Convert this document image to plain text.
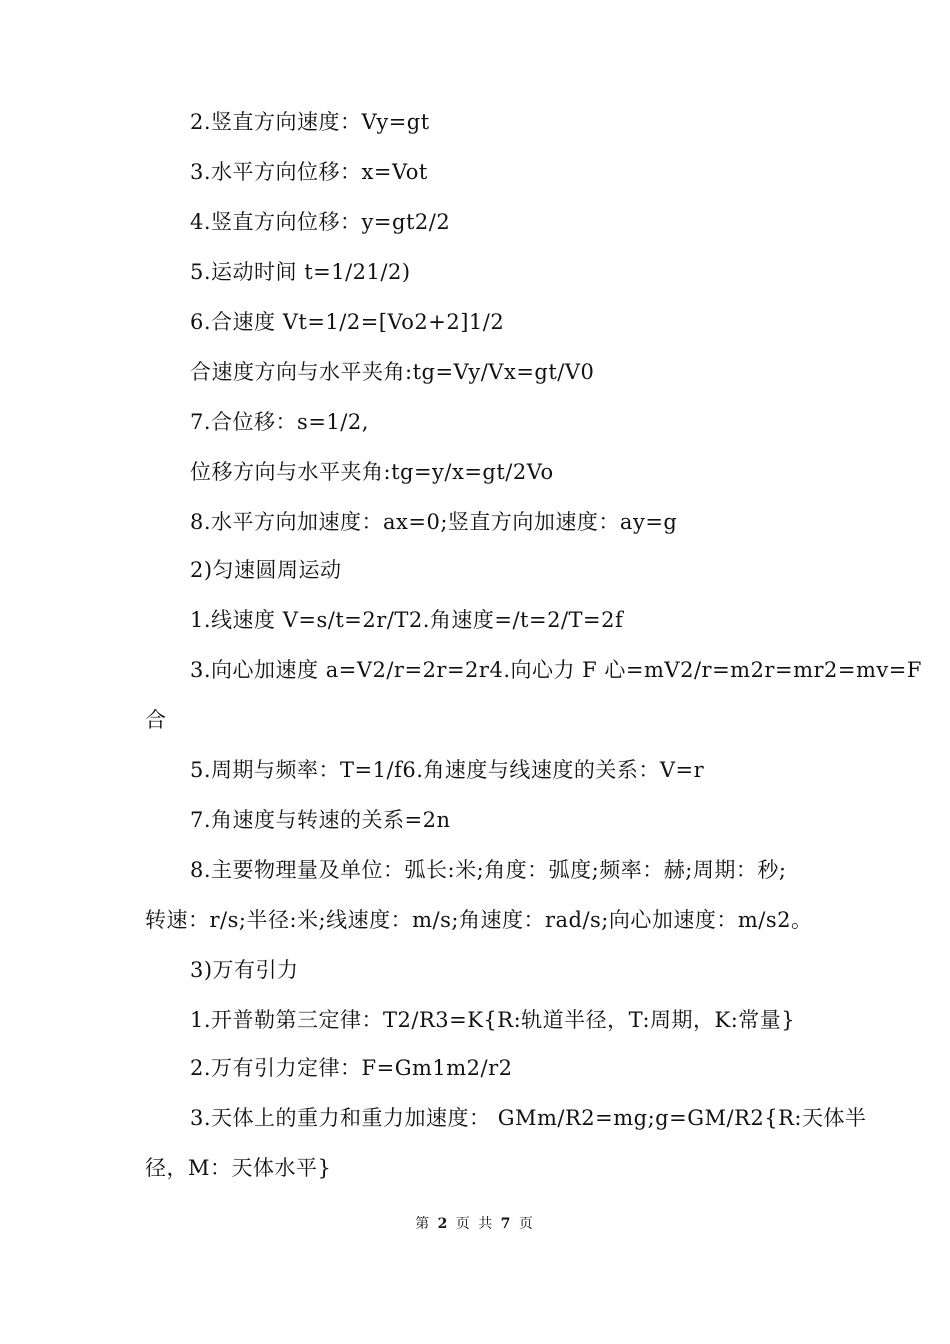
2.竖直方向速度：Vy=gt
3.水平方向位移：x=Vot
4.竖直方向位移：y=gt2/2
5.运动时间 t=1/21/2)
6.合速度 Vt=1/2=[Vo2+2]1/2
合速度方向与水平夹角:tg=Vy/Vx=gt/V0
7.合位移：s=1/2,
位移方向与水平夹角:tg=y/x=gt/2Vo
8.水平方向加速度：ax=0;竖直方向加速度：ay=g
2)匀速圆周运动
1.线速度 V=s/t=2r/T2.角速度=/t=2/T=2f
3.向心加速度 a=V2/r=2r=2r4.向心力 F 心=mV2/r=m2r=mr2=mv=F
合
5.周期与频率：T=1/f6.角速度与线速度的关系：V=r
7.角速度与转速的关系=2n
8.主要物理量及单位：弧长:米;角度：弧度;频率：赫;周期：秒;
转速：r/s;半径:米;线速度：m/s;角速度：rad/s;向心加速度：m/s2。
3)万有引力
1.开普勒第三定律：T2/R3=K{R:轨道半径，T:周期，K:常量}
2.万有引力定律：F=Gm1m2/r2
3.天体上的重力和重力加速度： GMm/R2=mg;g=GM/R2{R:天体半
径，M：天体水平}
第 2 页 共 7 页
